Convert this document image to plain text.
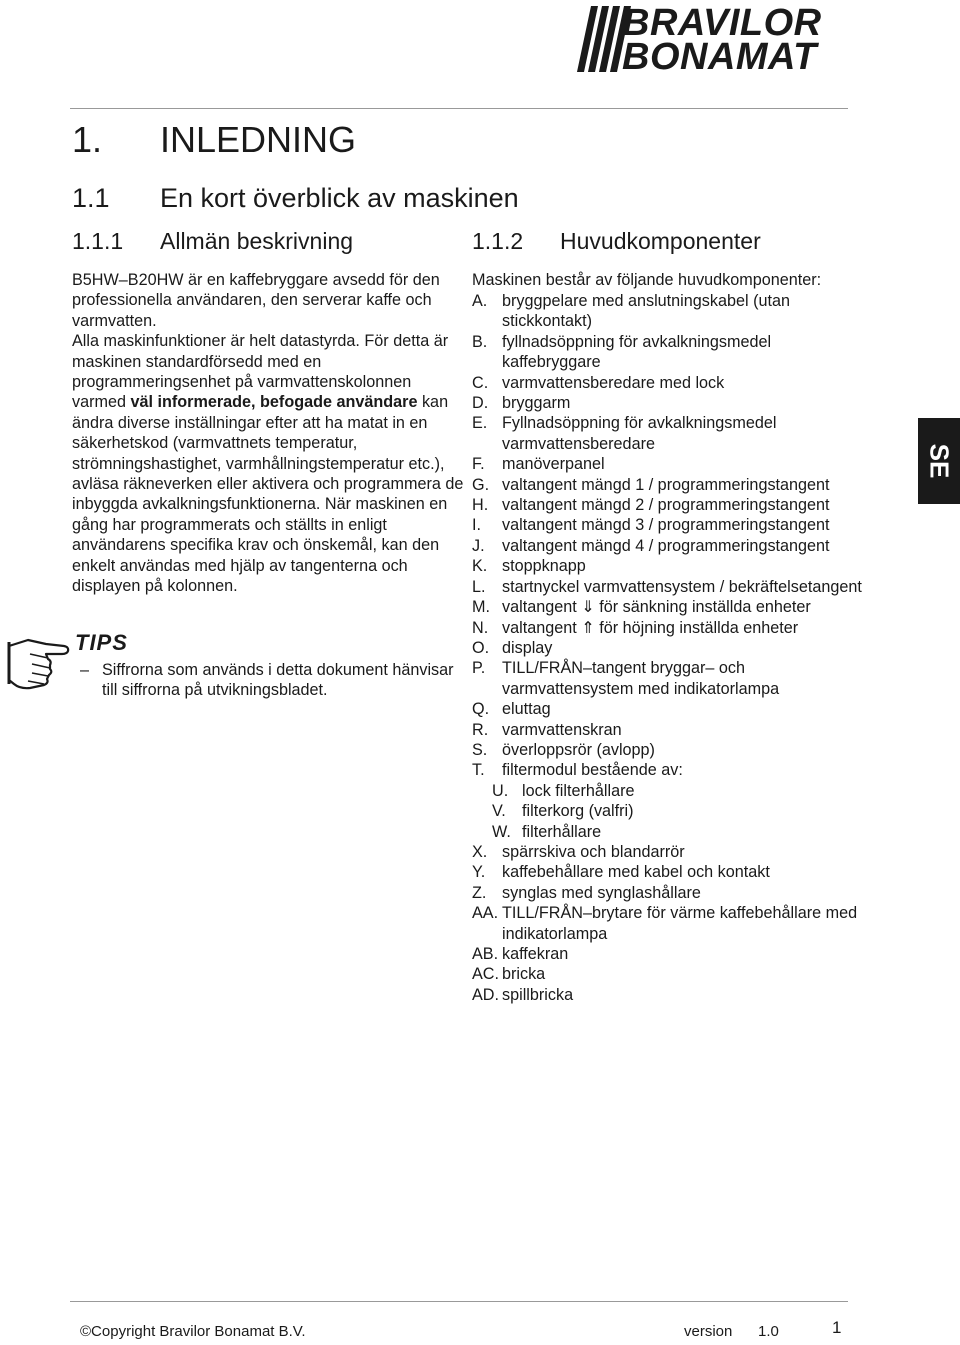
BRAVILOR
BONAMAT
1. INLEDNING
1.1 En kort överblick av maskinen
1.1.1 Allmän beskrivning	1.1.2 Huvudkomponenter

B5HW–B20HW är en kaffebryggare avsedd för den professionella användaren, den serverar kaffe och varmvatten.

Alla maskinfunktioner är helt datastyrda. För detta är maskinen standardförsedd med en programmeringsenhet på varmvattenskolonnen varmed väl informerade, befogade användare kan ändra diverse inställningar efter att ha matat in en säkerhetskod (varmvattnets temperatur, strömningshastighet, varmhållningstemperatur etc.), avläsa räkneverken eller aktivera och programmera de inbyggda avkalkningsfunktionerna. När maskinen en gång har programmerats och ställts in enligt användarens specifika krav och önskemål, kan den enkelt användas med hjälp av tangenterna och displayen på kolonnen.

TIPS
– Siffrorna som används i detta dokument hänvisar till siffrorna på utvikningsbladet.
Maskinen består av följande huvudkomponenter:
A. bryggpelare med anslutningskabel (utan stickkontakt)
B. fyllnadsöppning för avkalkningsmedel kaffebryggare
C. varmvattensberedare med lock
D. bryggarm
E. Fyllnadsöppning för avkalkningsmedel varmvattensberedare
F.	manöverpanel
G. valtangent mängd 1 / programmeringstangent
H. valtangent mängd 2 / programmeringstangent
I.	valtangent mängd 3 / programmeringstangent
J.	valtangent mängd 4 / programmeringstangent
K. stoppknapp
L.	startnyckel varmvattensystem / bekräftelsetangent
M. valtangent ⇓ för sänkning inställda enheter
N. valtangent ⇑ för höjning inställda enheter
O. display
P.	TILL/FRÅN–tangent bryggar– och varmvattensystem med indikatorlampa
Q. eluttag
R. varmvattenskran
S. överloppsrör (avlopp)
T.	filtermodul bestående av:
U. lock filterhållare
V. filterkorg (valfri)
W. filterhållare
X. spärrskiva och blandarrör
Y.	kaffebehållare med kabel och kontakt
Z. synglas med synglashållare
AA. TILL/FRÅN–brytare för värme kaffebehållare med indikatorlampa
AB. kaffekran
AC. bricka
AD. spillbricka
SE
©Copyright Bravilor Bonamat B.V.	version 1.0	1
